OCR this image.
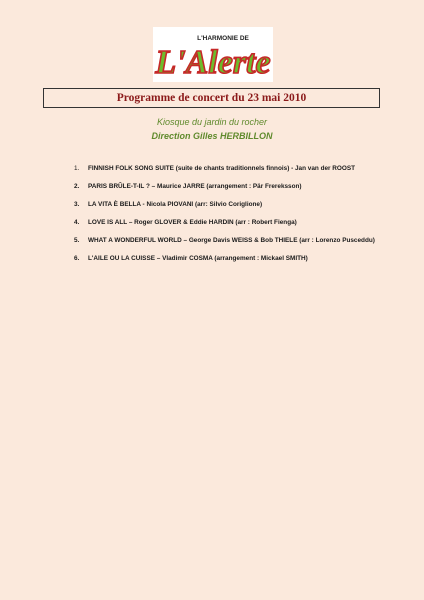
L'HARMONIE DE
L'Alerte
Programme de concert du 23 mai 2010
Kiosque du jardin du rocher
Direction Gilles HERBILLON
1.	FINNISH FOLK SONG SUITE (suite de chants traditionnels finnois) - Jan van der ROOST
2.	PARIS BRÛLE-T-IL ? – Maurice JARRE (arrangement : Pär Frereksson)
3.	LA VITA È BELLA - Nicola PIOVANI (arr: Silvio Coriglione)
4.	LOVE IS ALL – Roger GLOVER & Eddie HARDIN (arr : Robert Fienga)
5.	WHAT A WONDERFUL WORLD – George Davis WEISS & Bob THIELE (arr : Lorenzo Pusceddu)
6.	L'AILE OU LA CUISSE – Vladimir COSMA (arrangement : Mickael SMITH)
